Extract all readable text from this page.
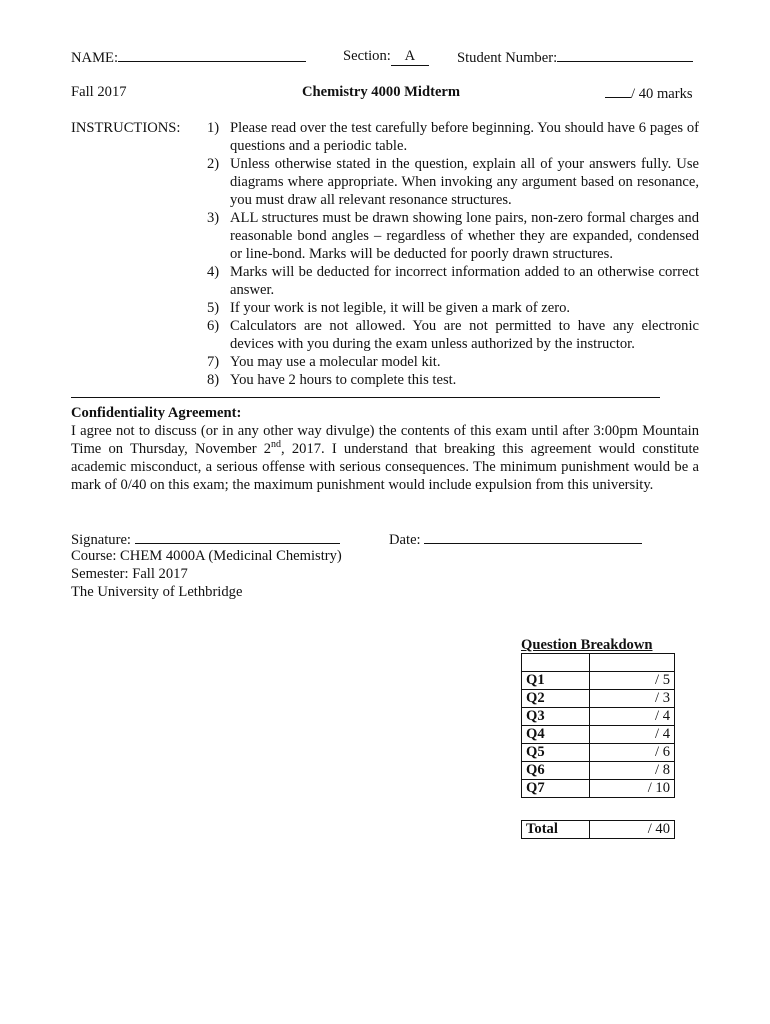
NAME:	Section: A	Student Number:
Fall 2017	Chemistry 4000 Midterm	/ 40 marks
INSTRUCTIONS: 1) Please read over the test carefully before beginning. You should have 6 pages of questions and a periodic table.
2) Unless otherwise stated in the question, explain all of your answers fully. Use diagrams where appropriate. When invoking any argument based on resonance, you must draw all relevant resonance structures.
3) ALL structures must be drawn showing lone pairs, non-zero formal charges and reasonable bond angles – regardless of whether they are expanded, condensed or line-bond. Marks will be deducted for poorly drawn structures.
4) Marks will be deducted for incorrect information added to an otherwise correct answer.
5) If your work is not legible, it will be given a mark of zero.
6) Calculators are not allowed. You are not permitted to have any electronic devices with you during the exam unless authorized by the instructor.
7) You may use a molecular model kit.
8) You have 2 hours to complete this test.
Confidentiality Agreement:
I agree not to discuss (or in any other way divulge) the contents of this exam until after 3:00pm Mountain Time on Thursday, November 2nd, 2017. I understand that breaking this agreement would constitute academic misconduct, a serious offense with serious consequences. The minimum punishment would be a mark of 0/40 on this exam; the maximum punishment would include expulsion from this university.
Signature:	Date:
Course: CHEM 4000A (Medicinal Chemistry)
Semester: Fall 2017
The University of Lethbridge
Question Breakdown

Q1	/ 5
Q2	/ 3
Q3	/ 4
Q4	/ 4
Q5	/ 6
Q6	/ 8
Q7	/ 10
Total	/ 40
